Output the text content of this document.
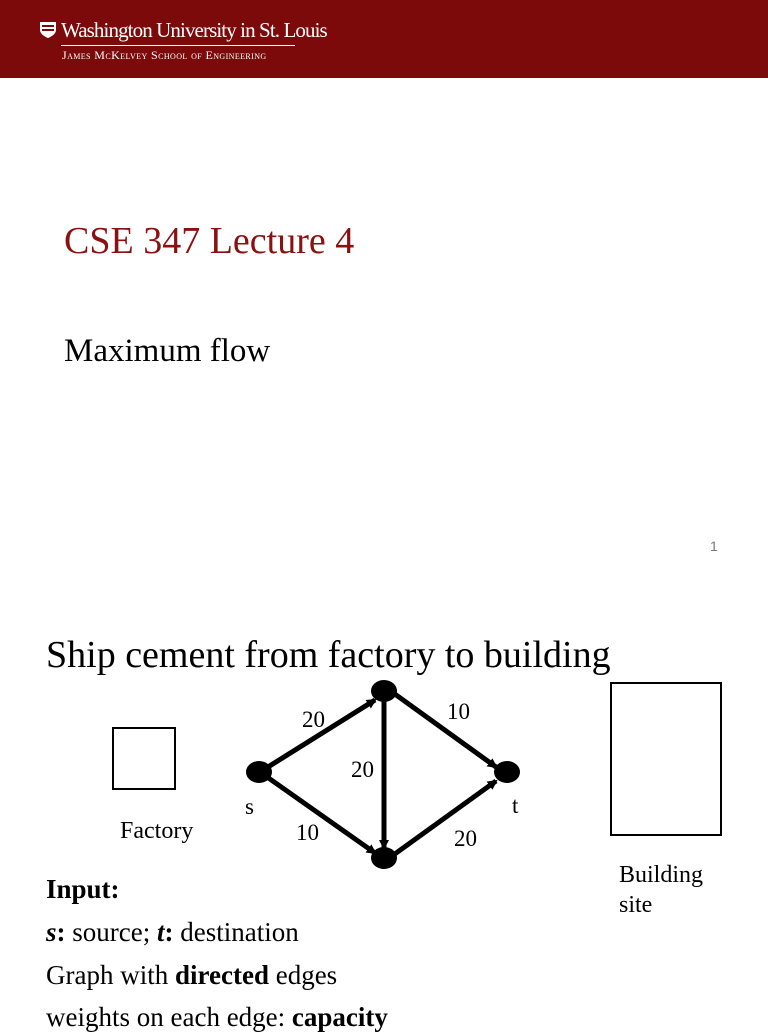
Washington University in St. Louis
James McKelvey School of Engineering
CSE 347 Lecture 4
Maximum flow
1
Ship cement from factory to building
Factory
Building site
20
10
20
10
20
s	t
Input:
s: source; t: destination
Graph with directed edges
weights on each edge: capacity
